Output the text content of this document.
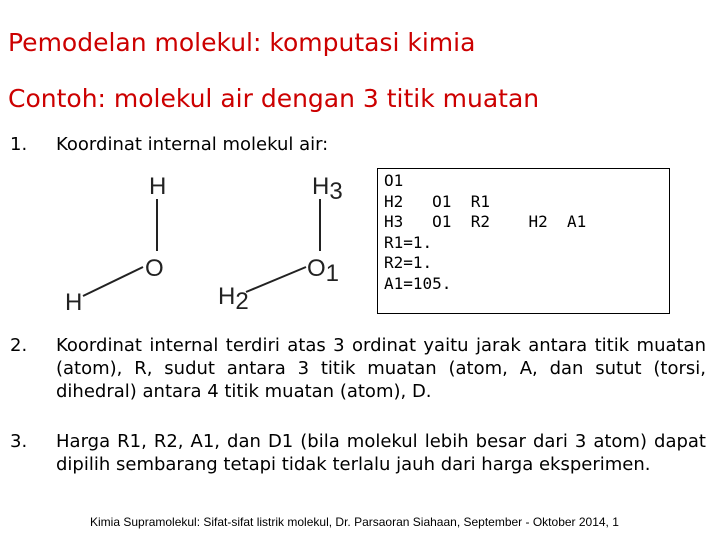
Pemodelan molekul: komputasi kimia
Contoh: molekul air dengan 3 titik muatan
1. Koordinat internal molekul air:
H
O
H
H3
O1
H2
O1
H2   O1  R1
H3   O1  R2    H2  A1
R1=1.
R2=1.
A1=105.
2. Koordinat internal terdiri atas 3 ordinat yaitu jarak antara titik muatan (atom), R, sudut antara 3 titik muatan (atom, A, dan sutut (torsi, dihedral) antara 4 titik muatan (atom), D.
3. Harga R1, R2, A1, dan D1 (bila molekul lebih besar dari 3 atom) dapat dipilih sembarang tetapi tidak terlalu jauh dari harga eksperimen.
Kimia Supramolekul: Sifat-sifat listrik molekul, Dr. Parsaoran Siahaan, September - Oktober 2014, 1
